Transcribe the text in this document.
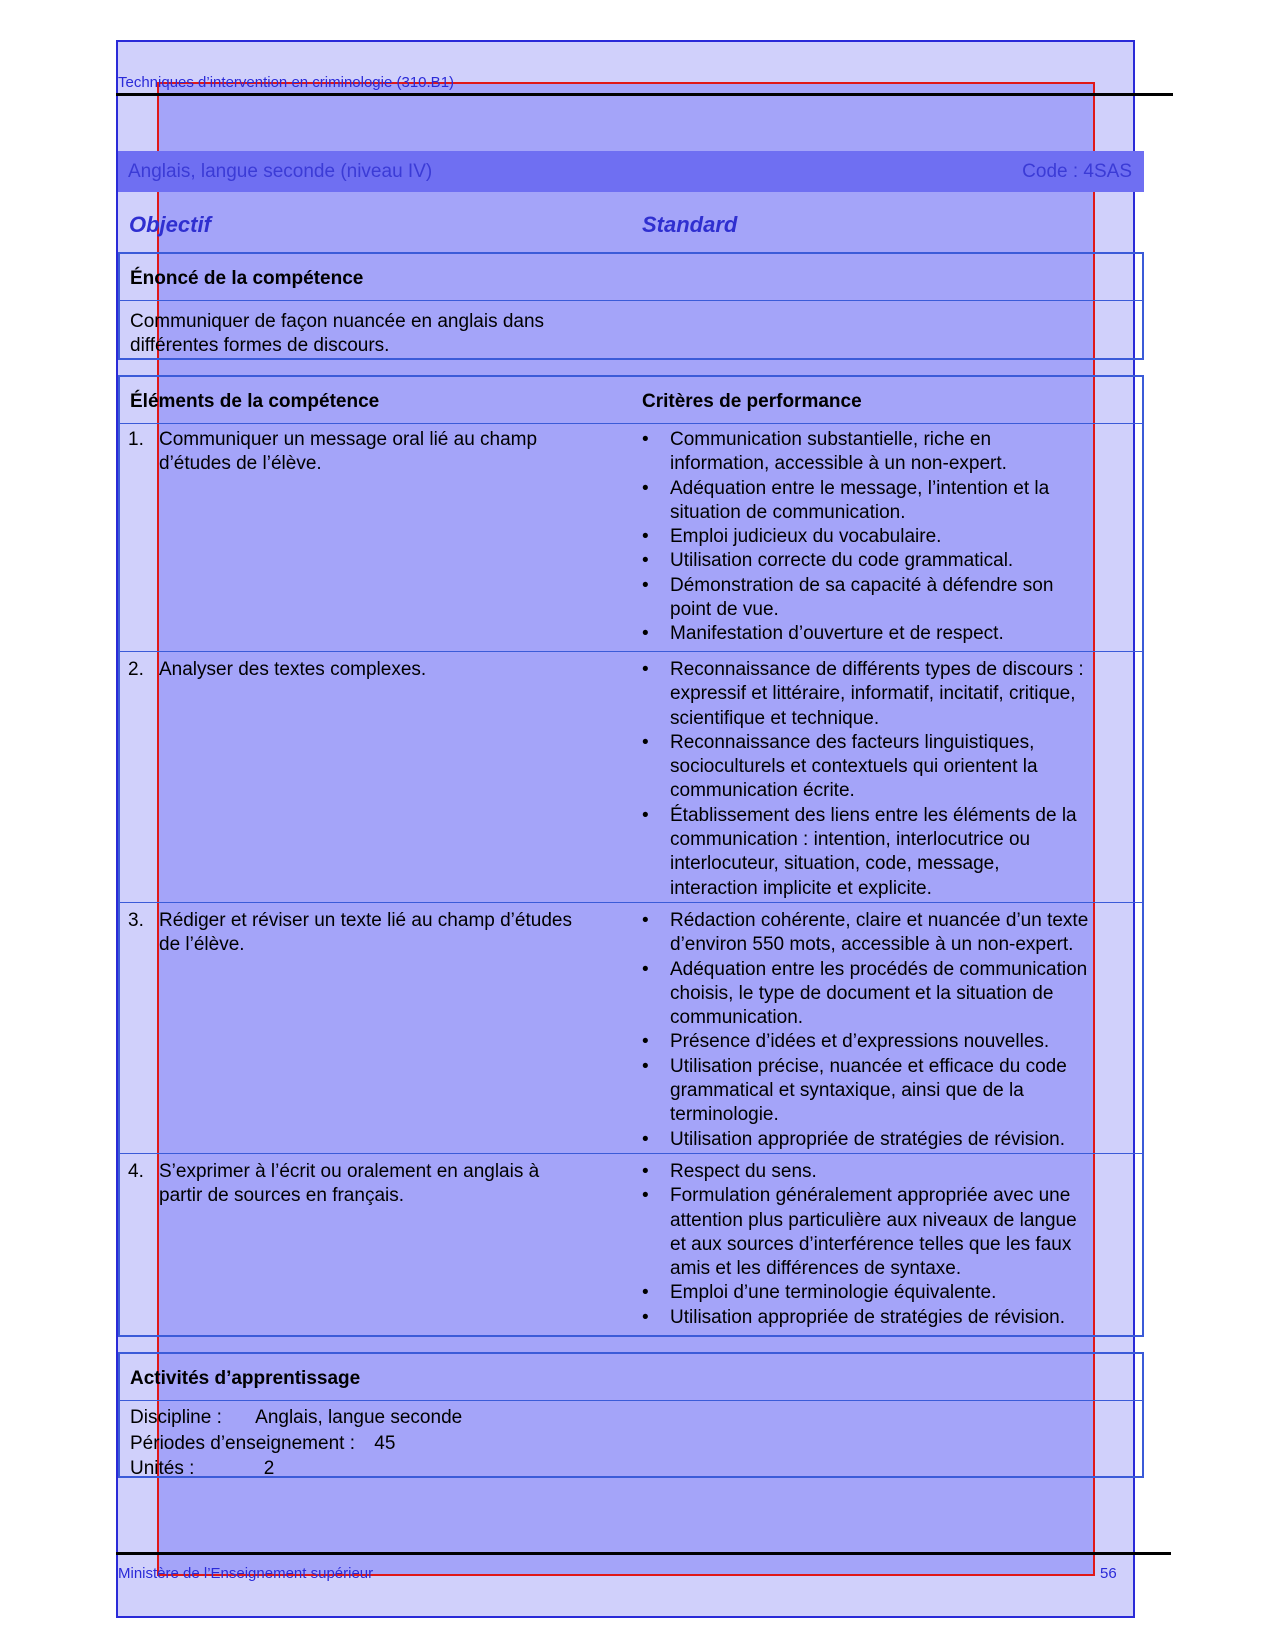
Techniques d’intervention en criminologie (310.B1)
Anglais, langue seconde (niveau IV)	Code : 4SAS
Objectif	Standard
Énoncé de la compétence
Communiquer de façon nuancée en anglais dans
différentes formes de discours.
Éléments de la compétence	Critères de performance
1. Communiquer un message oral lié au champ
d’études de l’élève.
• Communication substantielle, riche en
information, accessible à un non-expert.
• Adéquation entre le message, l’intention et la
situation de communication.
• Emploi judicieux du vocabulaire.
• Utilisation correcte du code grammatical.
• Démonstration de sa capacité à défendre son
point de vue.
• Manifestation d’ouverture et de respect.
2. Analyser des textes complexes.
•	Reconnaissance de différents types de discours :
expressif et littéraire, informatif, incitatif, critique,
scientifique et technique.
• Reconnaissance des facteurs linguistiques,
socioculturels et contextuels qui orientent la
communication écrite.
• Établissement des liens entre les éléments de la
communication : intention, interlocutrice ou
interlocuteur, situation, code, message,
interaction implicite et explicite.
3. Rédiger et réviser un texte lié au champ d’études
de l’élève.
• Rédaction cohérente, claire et nuancée d’un texte
d’environ 550 mots, accessible à un non-expert.
• Adéquation entre les procédés de communication
choisis, le type de document et la situation de
communication.
• Présence d’idées et d’expressions nouvelles.
• Utilisation précise, nuancée et efficace du code
grammatical et syntaxique, ainsi que de la
terminologie.
• Utilisation appropriée de stratégies de révision.
4. S’exprimer à l’écrit ou oralement en anglais à
partir de sources en français.
• Respect du sens.
• Formulation généralement appropriée avec une
attention plus particulière aux niveaux de langue
et aux sources d’interférence telles que les faux
amis et les différences de syntaxe.
• Emploi d’une terminologie équivalente.
• Utilisation appropriée de stratégies de révision.
Activités d’apprentissage
Discipline : Anglais, langue seconde
Périodes d’enseignement : 45
Unités :	2
Ministère de l’Enseignement supérieur	56
